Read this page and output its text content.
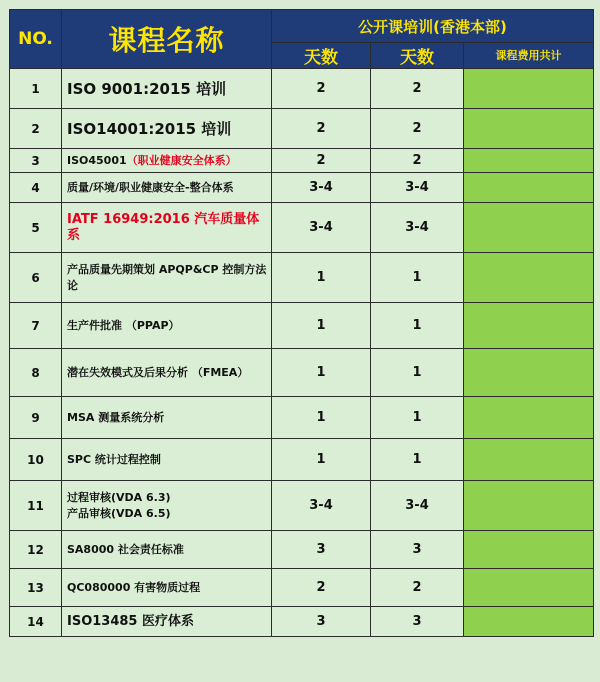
NO.	课程名称	公开课培训(香港本部)		
		天数	天数	课程费用共计
1	ISO 9001:2015 培训	2	2	
2	ISO14001:2015 培训	2	2	
3	ISO45001（职业健康安全体系）	2	2	
4	质量/环境/职业健康安全-整合体系	3-4	3-4	
5	IATF 16949:2016 汽车质量体系	3-4	3-4	
6	产品质量先期策划 APQP&CP 控制方法论	1	1	
7	生产件批准 （PPAP）	1	1	
8	潜在失效模式及后果分析 （FMEA）	1	1	
9	MSA 测量系统分析	1	1	
10	SPC 统计过程控制	1	1	
11	过程审核(VDA 6.3)
产品审核(VDA 6.5)	3-4	3-4	
12	SA8000 社会责任标准	3	3	
13	QC080000 有害物质过程	2	2	
14	ISO13485 医疗体系	3	3	
